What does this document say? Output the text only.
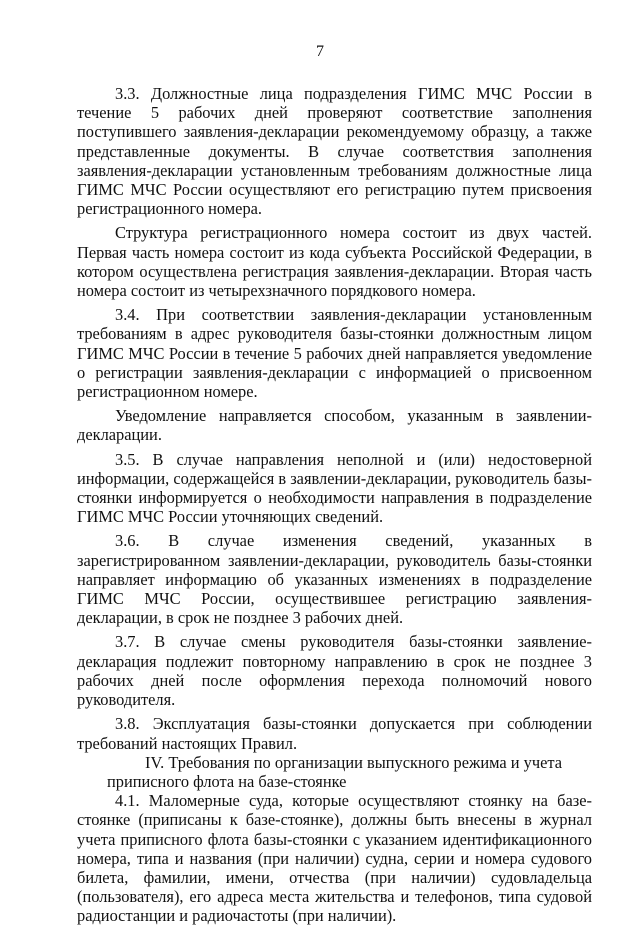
7

3.3. Должностные лица подразделения ГИМС МЧС России в течение 5 рабочих дней проверяют соответствие заполнения поступившего заявления-декларации рекомендуемому образцу, а также представленные документы. В случае соответствия заполнения заявления-декларации установленным требованиям должностные лица ГИМС МЧС России осуществляют его регистрацию путем присвоения регистрационного номера.

Структура регистрационного номера состоит из двух частей. Первая часть номера состоит из кода субъекта Российской Федерации, в котором осуществлена регистрация заявления-декларации. Вторая часть номера состоит из четырехзначного порядкового номера.

3.4. При соответствии заявления-декларации установленным требованиям в адрес руководителя базы-стоянки должностным лицом ГИМС МЧС России в течение 5 рабочих дней направляется уведомление о регистрации заявления-декларации с информацией о присвоенном регистрационном номере.

Уведомление направляется способом, указанным в заявлении-декларации.

3.5. В случае направления неполной и (или) недостоверной информации, содержащейся в заявлении-декларации, руководитель базы-стоянки информируется о необходимости направления в подразделение ГИМС МЧС России уточняющих сведений.

3.6. В случае изменения сведений, указанных в зарегистрированном заявлении-декларации, руководитель базы-стоянки направляет информацию об указанных изменениях в подразделение ГИМС МЧС России, осуществившее регистрацию заявления-декларации, в срок не позднее 3 рабочих дней.

3.7. В случае смены руководителя базы-стоянки заявление-декларация подлежит повторному направлению в срок не позднее 3 рабочих дней после оформления перехода полномочий нового руководителя.

3.8. Эксплуатация базы-стоянки допускается при соблюдении требований настоящих Правил.

IV. Требования по организации выпускного режима и учета приписного флота на базе-стоянке

4.1. Маломерные суда, которые осуществляют стоянку на базе-стоянке (приписаны к базе-стоянке), должны быть внесены в журнал учета приписного флота базы-стоянки с указанием идентификационного номера, типа и названия (при наличии) судна, серии и номера судового билета, фамилии, имени, отчества (при наличии) судовладельца (пользователя), его адреса места жительства и телефонов, типа судовой радиостанции и радиочастоты (при наличии).
